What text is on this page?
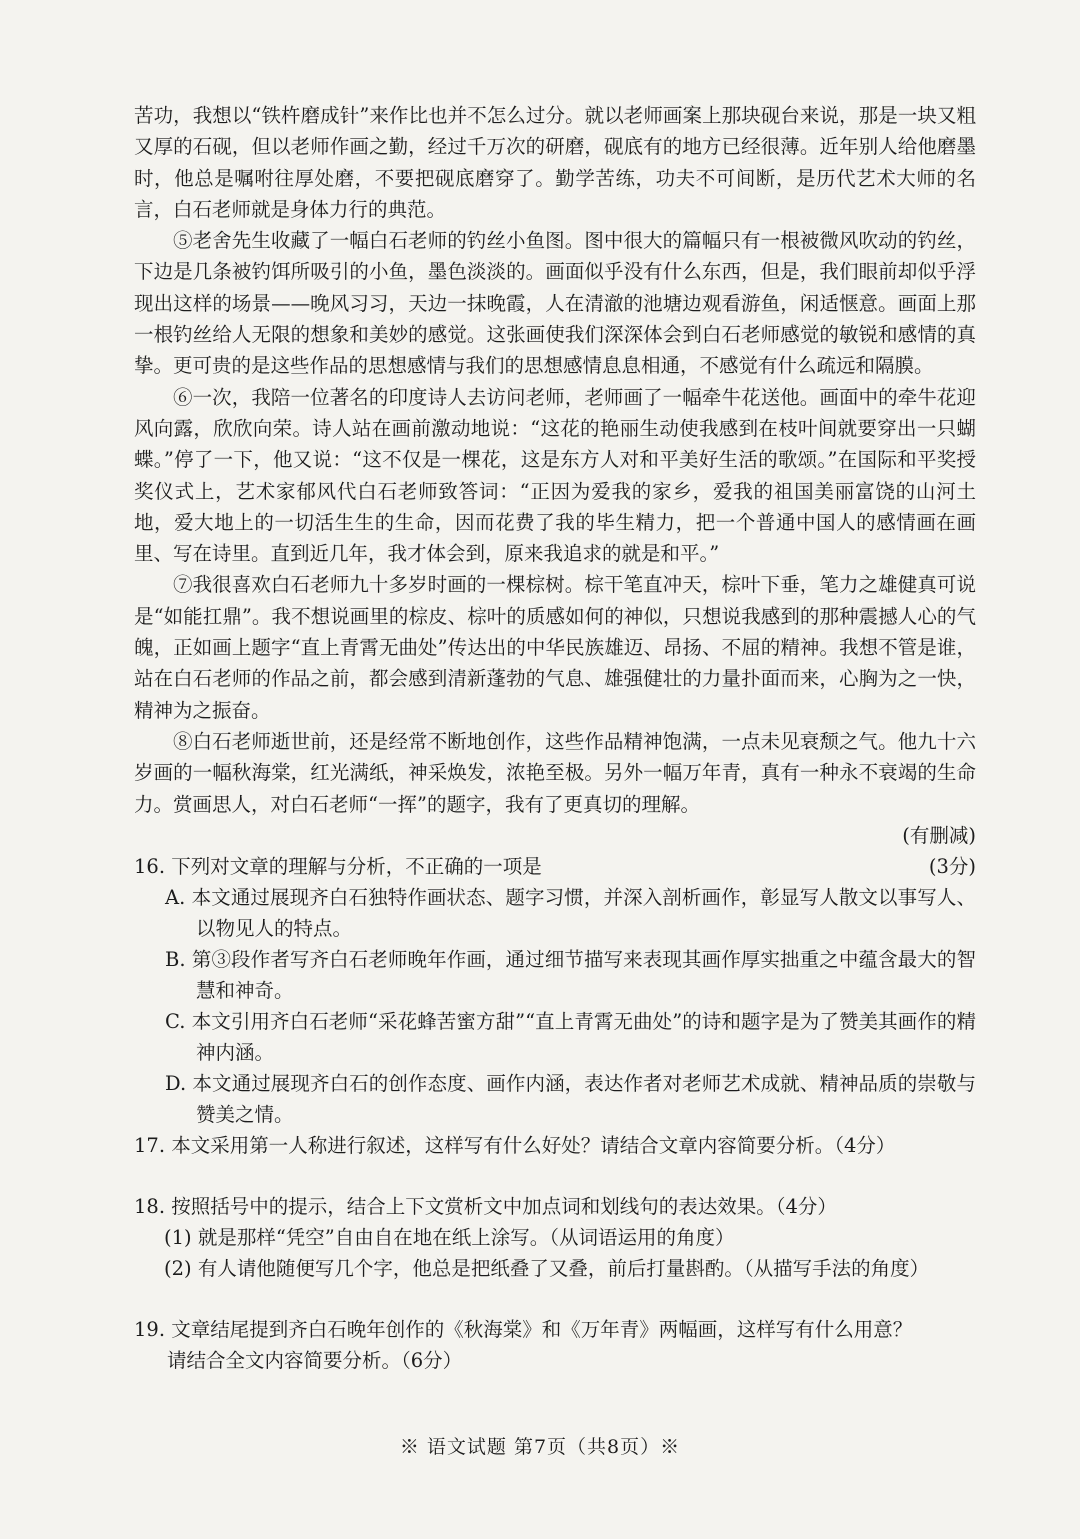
苦功，我想以“铁杵磨成针”来作比也并不怎么过分。就以老师画案上那块砚台来说，那是一块又粗又厚的石砚，但以老师作画之勤，经过千万次的研磨，砚底有的地方已经很薄。近年别人给他磨墨时，他总是嘱咐往厚处磨，不要把砚底磨穿了。勤学苦练，功夫不可间断，是历代艺术大师的名言，白石老师就是身体力行的典范。

⑤老舍先生收藏了一幅白石老师的钓丝小鱼图。图中很大的篇幅只有一根被微风吹动的钓丝，下边是几条被钓饵所吸引的小鱼，墨色淡淡的。画面似乎没有什么东西，但是，我们眼前却似乎浮现出这样的场景——晚风习习，天边一抹晚霞，人在清澈的池塘边观看游鱼，闲适惬意。画面上那一根钓丝给人无限的想象和美妙的感觉。这张画使我们深深体会到白石老师感觉的敏锐和感情的真挚。更可贵的是这些作品的思想感情与我们的思想感情息息相通，不感觉有什么疏远和隔膜。

⑥一次，我陪一位著名的印度诗人去访问老师，老师画了一幅牵牛花送他。画面中的牵牛花迎风向露，欣欣向荣。诗人站在画前激动地说：“这花的艳丽生动使我感到在枝叶间就要穿出一只蝴蝶。”停了一下，他又说：“这不仅是一棵花，这是东方人对和平美好生活的歌颂。”在国际和平奖授奖仪式上，艺术家郁风代白石老师致答词：“正因为爱我的家乡，爱我的祖国美丽富饶的山河土地，爱大地上的一切活生生的生命，因而花费了我的毕生精力，把一个普通中国人的感情画在画里、写在诗里。直到近几年，我才体会到，原来我追求的就是和平。”

⑦我很喜欢白石老师九十多岁时画的一棵棕树。棕干笔直冲天，棕叶下垂，笔力之雄健真可说是“如能扛鼎”。我不想说画里的棕皮、棕叶的质感如何的神似，只想说我感到的那种震撼人心的气魄，正如画上题字“直上青霄无曲处”传达出的中华民族雄迈、昂扬、不屈的精神。我想不管是谁，站在白石老师的作品之前，都会感到清新蓬勃的气息、雄强健壮的力量扑面而来，心胸为之一快，精神为之振奋。

⑧白石老师逝世前，还是经常不断地创作，这些作品精神饱满，一点未见衰颓之气。他九十六岁画的一幅秋海棠，红光满纸，神采焕发，浓艳至极。另外一幅万年青，真有一种永不衰竭的生命力。赏画思人，对白石老师“一挥”的题字，我有了更真切的理解。

(有删减)

16. 下列对文章的理解与分析，不正确的一项是	(3分)

A. 本文通过展现齐白石独特作画状态、题字习惯，并深入剖析画作，彰显写人散文以事写人、以物见人的特点。

B. 第③段作者写齐白石老师晚年作画，通过细节描写来表现其画作厚实拙重之中蕴含最大的智慧和神奇。

C. 本文引用齐白石老师“采花蜂苦蜜方甜”“直上青霄无曲处”的诗和题字是为了赞美其画作的精神内涵。

D. 本文通过展现齐白石的创作态度、画作内涵，表达作者对老师艺术成就、精神品质的崇敬与赞美之情。

17. 本文采用第一人称进行叙述，这样写有什么好处？请结合文章内容简要分析。（4分）

18. 按照括号中的提示，结合上下文赏析文中加点词和划线句的表达效果。（4分）

(1) 就是那样“凭空”自由自在地在纸上涂写。（从词语运用的角度）

(2) 有人请他随便写几个字，他总是把纸叠了又叠，前后打量斟酌。（从描写手法的角度）

19. 文章结尾提到齐白石晚年创作的《秋海棠》和《万年青》两幅画，这样写有什么用意？

请结合全文内容简要分析。（6分）

※ 语文试题 第7页（共8页）※
